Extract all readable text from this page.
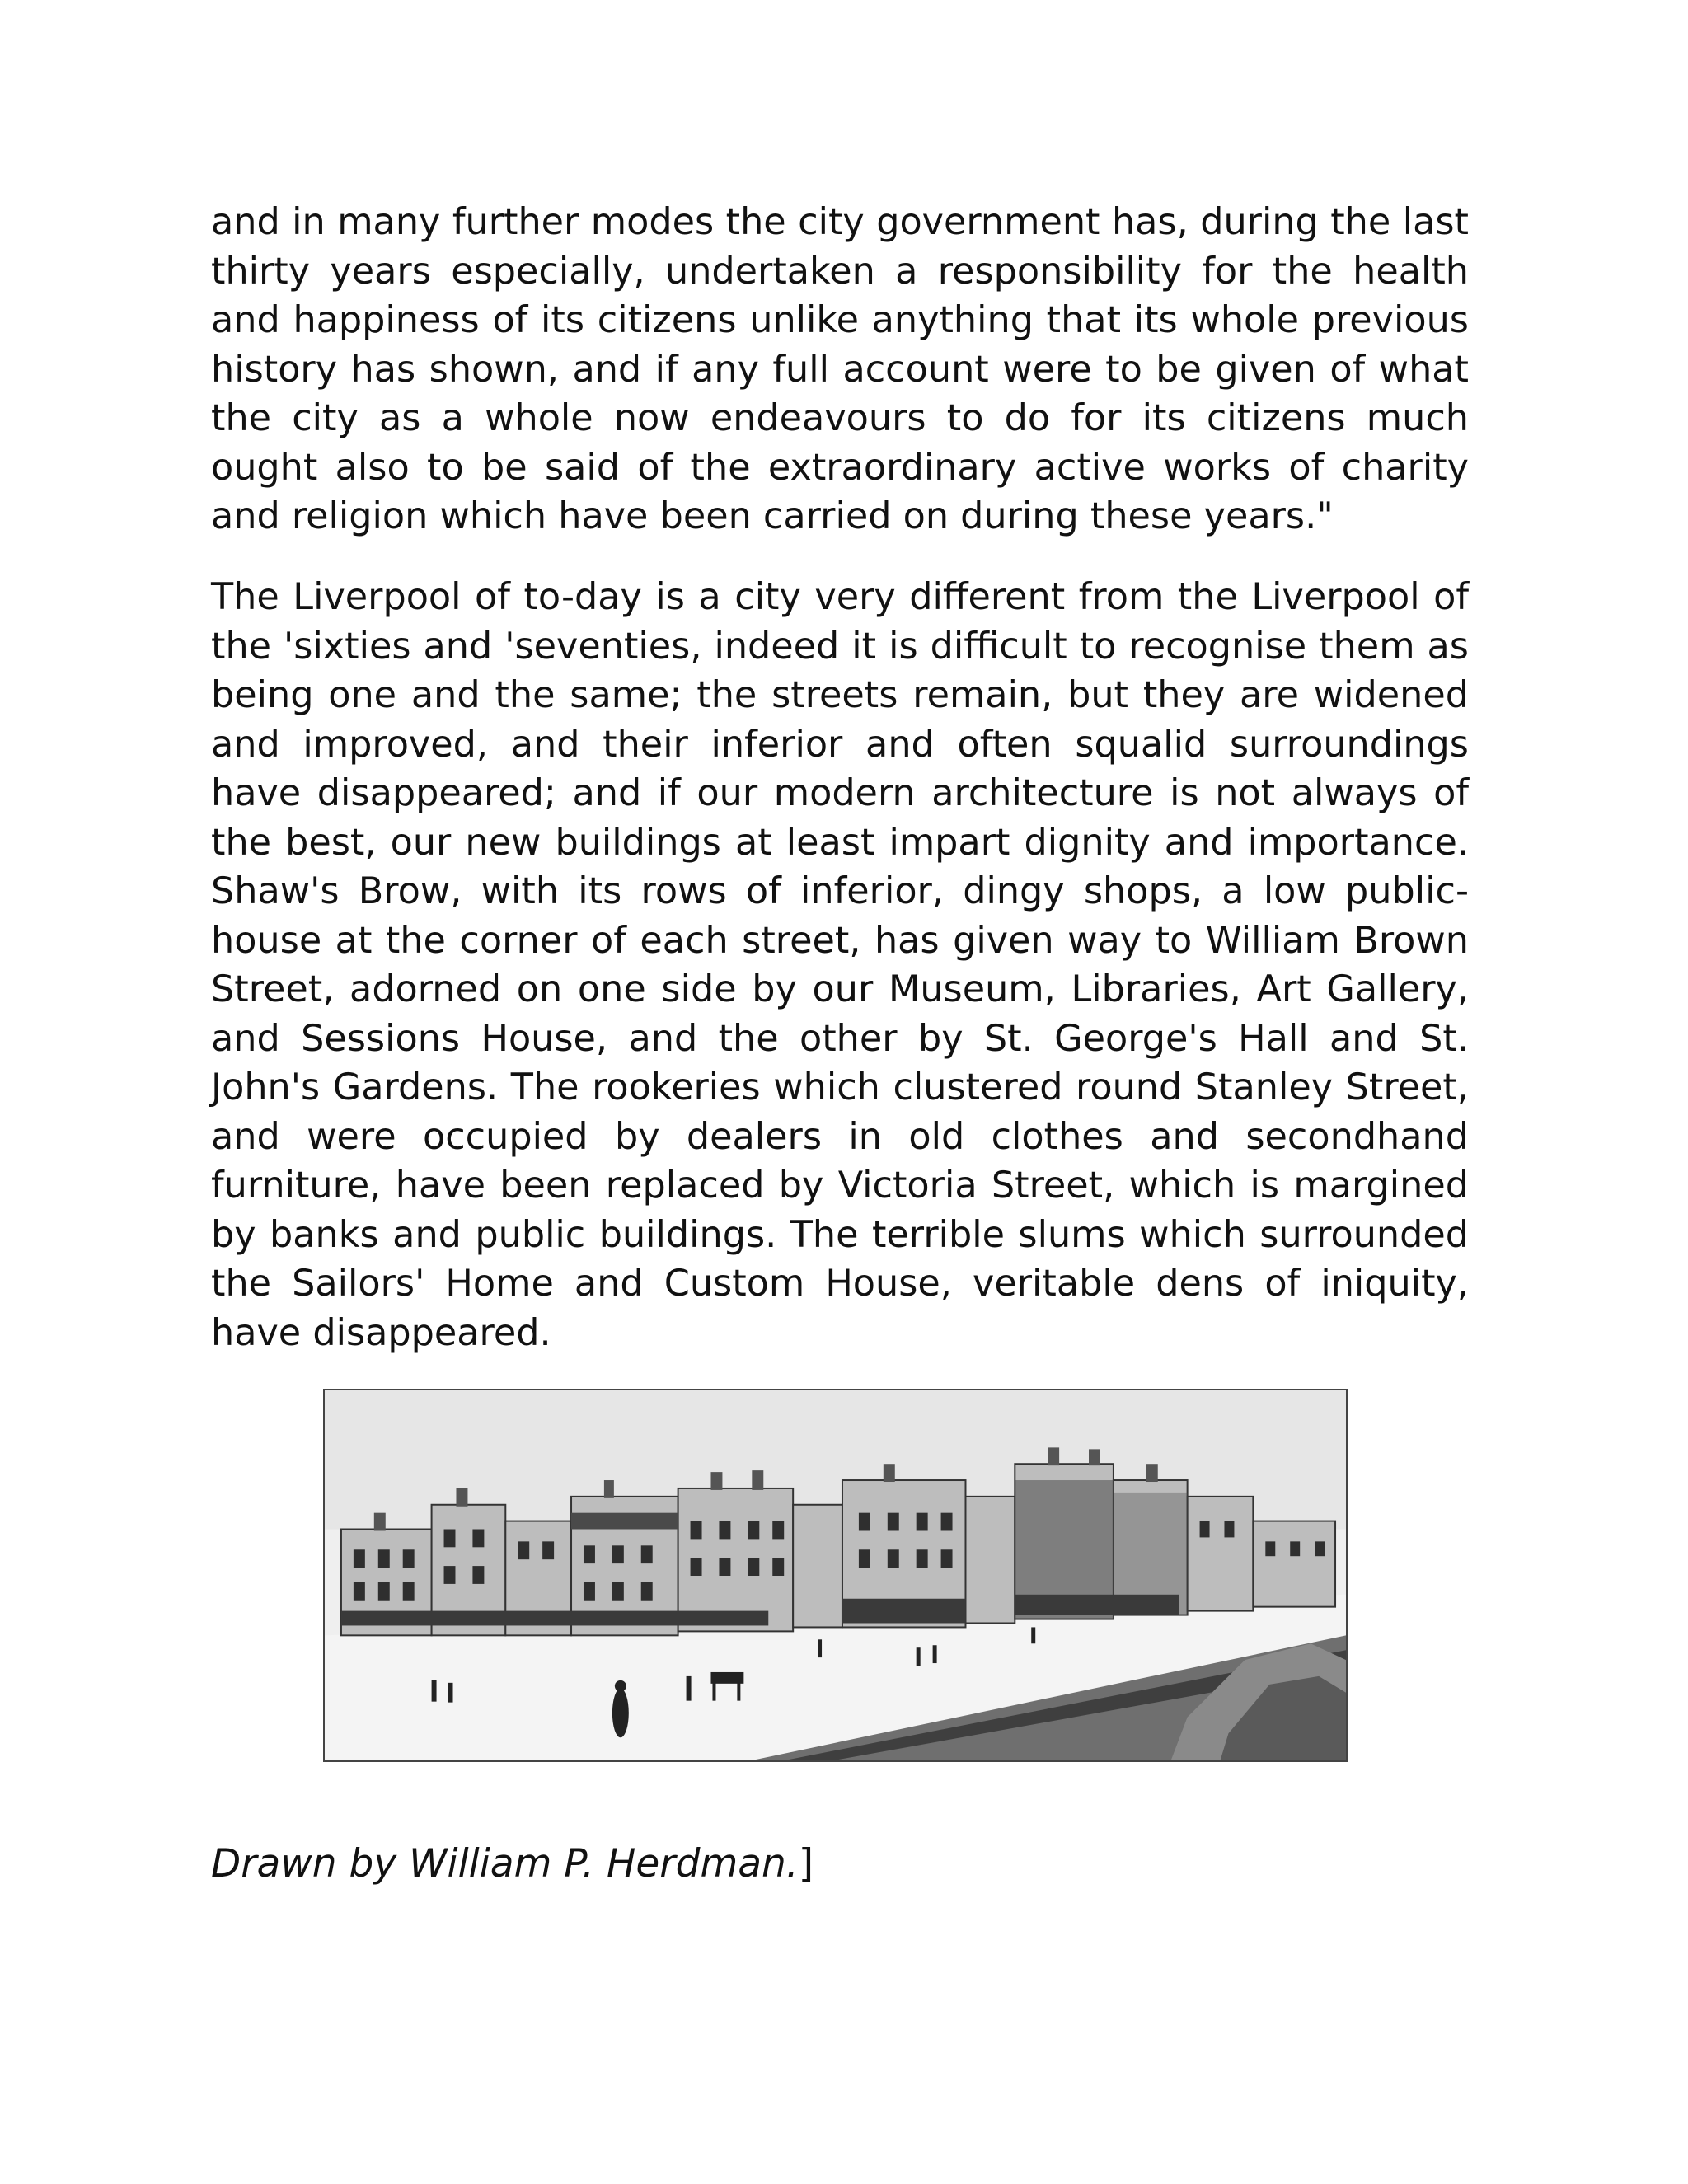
and in many further modes the city government has, during the last thirty years especially, undertaken a responsibility for the health and happiness of its citizens unlike anything that its whole previous history has shown, and if any full account were to be given of what the city as a whole now endeavours to do for its citizens much ought also to be said of the extraordinary active works of charity and religion which have been carried on during these years."

The Liverpool of to-day is a city very different from the Liverpool of the 'sixties and 'seventies, indeed it is difficult to recognise them as being one and the same; the streets remain, but they are widened and improved, and their inferior and often squalid surroundings have disappeared; and if our modern architecture is not always of the best, our new buildings at least impart dignity and importance. Shaw's Brow, with its rows of inferior, dingy shops, a low public-house at the corner of each street, has given way to William Brown Street, adorned on one side by our Museum, Libraries, Art Gallery, and Sessions House, and the other by St. George's Hall and St. John's Gardens. The rookeries which clustered round Stanley Street, and were occupied by dealers in old clothes and secondhand furniture, have been replaced by Victoria Street, which is margined by banks and public buildings. The terrible slums which surrounded the Sailors' Home and Custom House, veritable dens of iniquity, have disappeared.

Drawn by William P. Herdman.]
